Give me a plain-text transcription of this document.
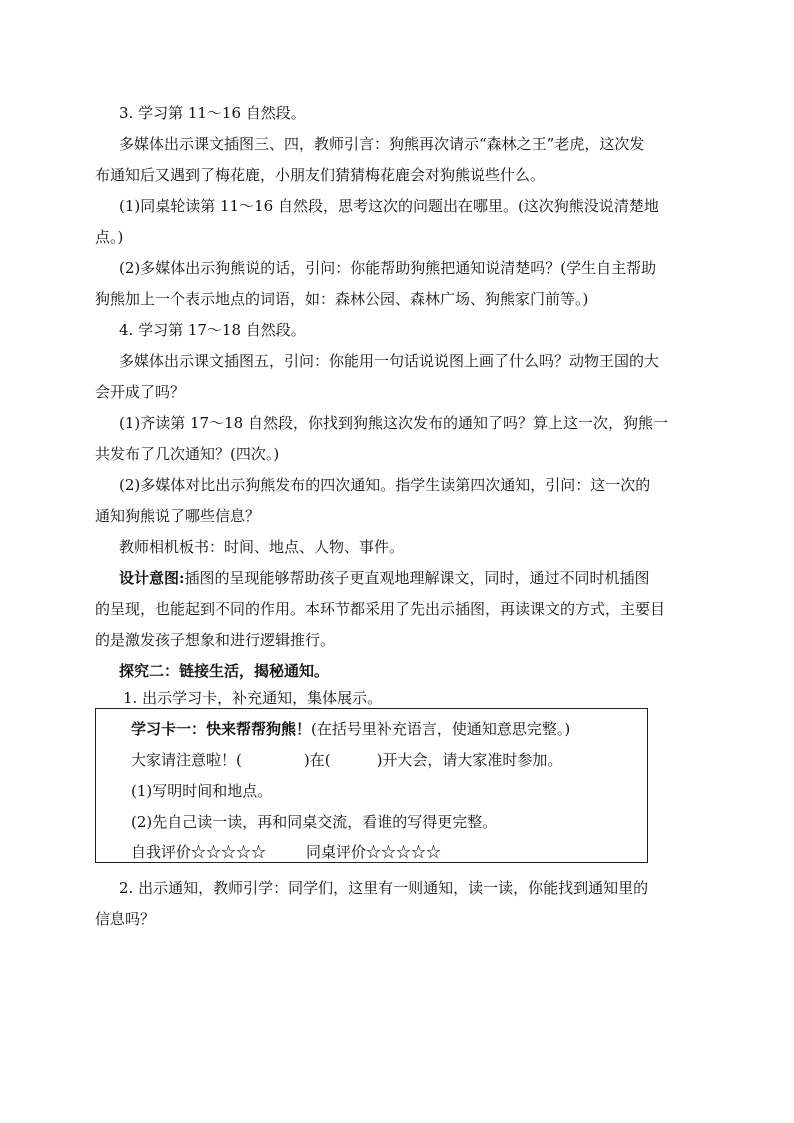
3. 学习第 11～16 自然段。
多媒体出示课文插图三、四，教师引言：狗熊再次请示“森林之王”老虎，这次发
布通知后又遇到了梅花鹿，小朋友们猜猜梅花鹿会对狗熊说些什么。
(1)同桌轮读第 11～16 自然段，思考这次的问题出在哪里。(这次狗熊没说清楚地
点。)
(2)多媒体出示狗熊说的话，引问：你能帮助狗熊把通知说清楚吗？(学生自主帮助
狗熊加上一个表示地点的词语，如：森林公园、森林广场、狗熊家门前等。)
4. 学习第 17～18 自然段。
多媒体出示课文插图五，引问：你能用一句话说说图上画了什么吗？动物王国的大
会开成了吗？
(1)齐读第 17～18 自然段，你找到狗熊这次发布的通知了吗？算上这一次，狗熊一
共发布了几次通知？(四次。)
(2)多媒体对比出示狗熊发布的四次通知。指学生读第四次通知，引问：这一次的
通知狗熊说了哪些信息？
教师相机板书：时间、地点、人物、事件。
设计意图:插图的呈现能够帮助孩子更直观地理解课文，同时，通过不同时机插图
的呈现，也能起到不同的作用。本环节都采用了先出示插图，再读课文的方式，主要目
的是激发孩子想象和进行逻辑推行。
探究二：链接生活，揭秘通知。
1. 出示学习卡，补充通知，集体展示。
学习卡一：快来帮帮狗熊！(在括号里补充语言，使通知意思完整。)
大家请注意啦！(	)在(	)开大会，请大家准时参加。
(1)写明时间和地点。
(2)先自己读一读，再和同桌交流，看谁的写得更完整。
自我评价☆☆☆☆☆	同桌评价☆☆☆☆☆
2. 出示通知，教师引学：同学们，这里有一则通知，读一读，你能找到通知里的
信息吗？
